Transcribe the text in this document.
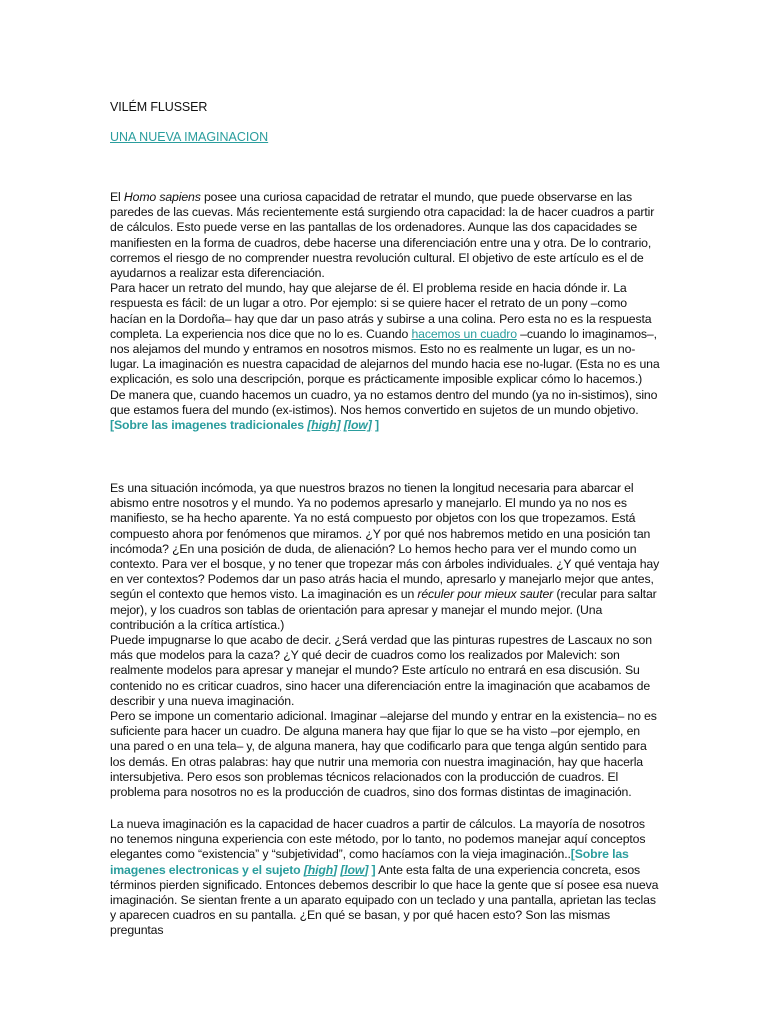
VILÉM FLUSSER
UNA NUEVA IMAGINACION

El Homo sapiens posee una curiosa capacidad de retratar el mundo, que puede observarse en las paredes de las cuevas. Más recientemente está surgiendo otra capacidad: la de hacer cuadros a partir de cálculos. Esto puede verse en las pantallas de los ordenadores. Aunque las dos capacidades se manifiesten en la forma de cuadros, debe hacerse una diferenciación entre una y otra. De lo contrario, corremos el riesgo de no comprender nuestra revolución cultural. El objetivo de este artículo es el de ayudarnos a realizar esta diferenciación.

Para hacer un retrato del mundo, hay que alejarse de él. El problema reside en hacia dónde ir. La respuesta es fácil: de un lugar a otro. Por ejemplo: si se quiere hacer el retrato de un pony –como hacían en la Dordoña– hay que dar un paso atrás y subirse a una colina. Pero esta no es la respuesta completa. La experiencia nos dice que no lo es. Cuando hacemos un cuadro –cuando lo imaginamos–, nos alejamos del mundo y entramos en nosotros mismos. Esto no es realmente un lugar, es un no-lugar. La imaginación es nuestra capacidad de alejarnos del mundo hacia ese no-lugar. (Esta no es una explicación, es solo una descripción, porque es prácticamente imposible explicar cómo lo hacemos.) De manera que, cuando hacemos un cuadro, ya no estamos dentro del mundo (ya no in-sistimos), sino que estamos fuera del mundo (ex-istimos). Nos hemos convertido en sujetos de un mundo objetivo. [Sobre las imagenes tradicionales [high] [low] ]

Es una situación incómoda, ya que nuestros brazos no tienen la longitud necesaria para abarcar el abismo entre nosotros y el mundo. Ya no podemos apresarlo y manejarlo. El mundo ya no nos es manifiesto, se ha hecho aparente. Ya no está compuesto por objetos con los que tropezamos. Está compuesto ahora por fenómenos que miramos. ¿Y por qué nos habremos metido en una posición tan incómoda? ¿En una posición de duda, de alienación? Lo hemos hecho para ver el mundo como un contexto. Para ver el bosque, y no tener que tropezar más con árboles individuales. ¿Y qué ventaja hay en ver contextos? Podemos dar un paso atrás hacia el mundo, apresarlo y manejarlo mejor que antes, según el contexto que hemos visto. La imaginación es un réculer pour mieux sauter (recular para saltar mejor), y los cuadros son tablas de orientación para apresar y manejar el mundo mejor. (Una contribución a la crítica artística.)

Puede impugnarse lo que acabo de decir. ¿Será verdad que las pinturas rupestres de Lascaux no son más que modelos para la caza? ¿Y qué decir de cuadros como los realizados por Malevich: son realmente modelos para apresar y manejar el mundo? Este artículo no entrará en esa discusión. Su contenido no es criticar cuadros, sino hacer una diferenciación entre la imaginación que acabamos de describir y una nueva imaginación.

Pero se impone un comentario adicional. Imaginar –alejarse del mundo y entrar en la existencia– no es suficiente para hacer un cuadro. De alguna manera hay que fijar lo que se ha visto –por ejemplo, en una pared o en una tela– y, de alguna manera, hay que codificarlo para que tenga algún sentido para los demás. En otras palabras: hay que nutrir una memoria con nuestra imaginación, hay que hacerla intersubjetiva. Pero esos son problemas técnicos relacionados con la producción de cuadros. El problema para nosotros no es la producción de cuadros, sino dos formas distintas de imaginación.

La nueva imaginación es la capacidad de hacer cuadros a partir de cálculos. La mayoría de nosotros no tenemos ninguna experiencia con este método, por lo tanto, no podemos manejar aquí conceptos elegantes como “existencia” y “subjetividad”, como hacíamos con la vieja imaginación..[Sobre las imagenes electronicas y el sujeto [high] [low] ] Ante esta falta de una experiencia concreta, esos términos pierden significado. Entonces debemos describir lo que hace la gente que sí posee esa nueva imaginación. Se sientan frente a un aparato equipado con un teclado y una pantalla, aprietan las teclas y aparecen cuadros en su pantalla. ¿En qué se basan, y por qué hacen esto? Son las mismas preguntas
